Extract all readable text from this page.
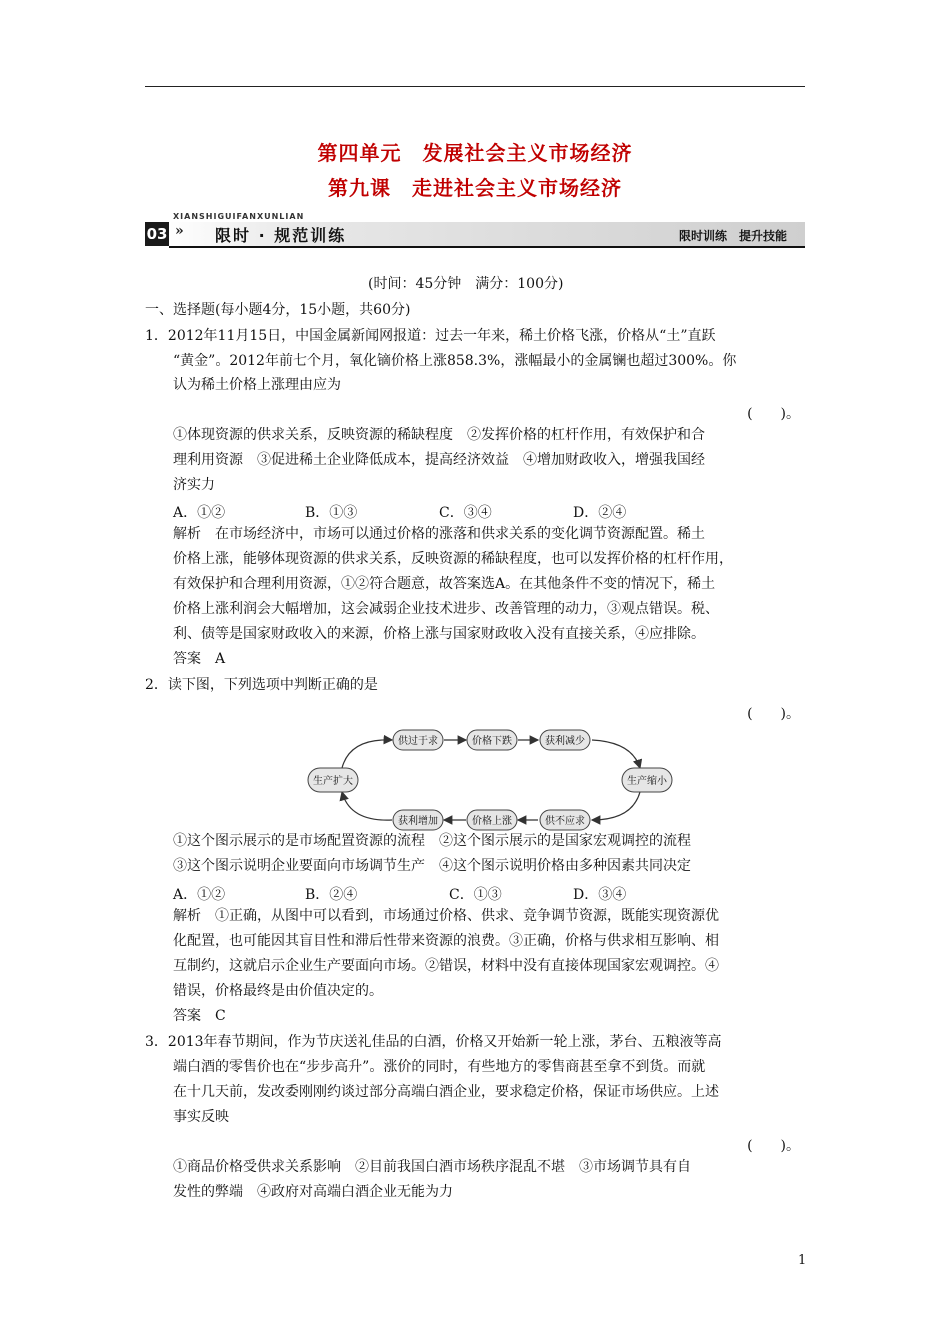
第四单元　发展社会主义市场经济
第九课　走进社会主义市场经济
XIANSHIGUIFANXUNLIAN
03 » 限时 · 规范训练	限时训练　提升技能
(时间：45分钟　满分：100分)
一、选择题(每小题4分，15小题，共60分)
1．2012年11月15日，中国金属新闻网报道：过去一年来，稀土价格飞涨，价格从“土”直跃
“黄金”。2012年前七个月，氧化镝价格上涨858.3%，涨幅最小的金属镧也超过300%。你
认为稀土价格上涨理由应为
(　　)。
①体现资源的供求关系，反映资源的稀缺程度　②发挥价格的杠杆作用，有效保护和合
理利用资源　③促进稀土企业降低成本，提高经济效益　④增加财政收入，增强我国经
济实力
A．①②	B．①③	C．③④	D．②④
解析　在市场经济中，市场可以通过价格的涨落和供求关系的变化调节资源配置。稀土
价格上涨，能够体现资源的供求关系，反映资源的稀缺程度，也可以发挥价格的杠杆作用，
有效保护和合理利用资源，①②符合题意，故答案选A。在其他条件不变的情况下，稀土
价格上涨利润会大幅增加，这会减弱企业技术进步、改善管理的动力，③观点错误。税、
利、债等是国家财政收入的来源，价格上涨与国家财政收入没有直接关系，④应排除。
答案　A
2．读下图，下列选项中判断正确的是
(　　)。
生产扩大	生产缩小
供过于求	价格下跌	获利减少
获利增加	价格上涨	供不应求
①这个图示展示的是市场配置资源的流程　②这个图示展示的是国家宏观调控的流程
③这个图示说明企业要面向市场调节生产　④这个图示说明价格由多种因素共同决定
A．①②	B．②④	C．①③	D．③④
解析　①正确，从图中可以看到，市场通过价格、供求、竞争调节资源，既能实现资源优
化配置，也可能因其盲目性和滞后性带来资源的浪费。③正确，价格与供求相互影响、相
互制约，这就启示企业生产要面向市场。②错误，材料中没有直接体现国家宏观调控。④
错误，价格最终是由价值决定的。
答案　C
3．2013年春节期间，作为节庆送礼佳品的白酒，价格又开始新一轮上涨，茅台、五粮液等高
端白酒的零售价也在“步步高升”。涨价的同时，有些地方的零售商甚至拿不到货。而就
在十几天前，发改委刚刚约谈过部分高端白酒企业，要求稳定价格，保证市场供应。上述
事实反映
(　　)。
①商品价格受供求关系影响　②目前我国白酒市场秩序混乱不堪　③市场调节具有自
发性的弊端　④政府对高端白酒企业无能为力
1
